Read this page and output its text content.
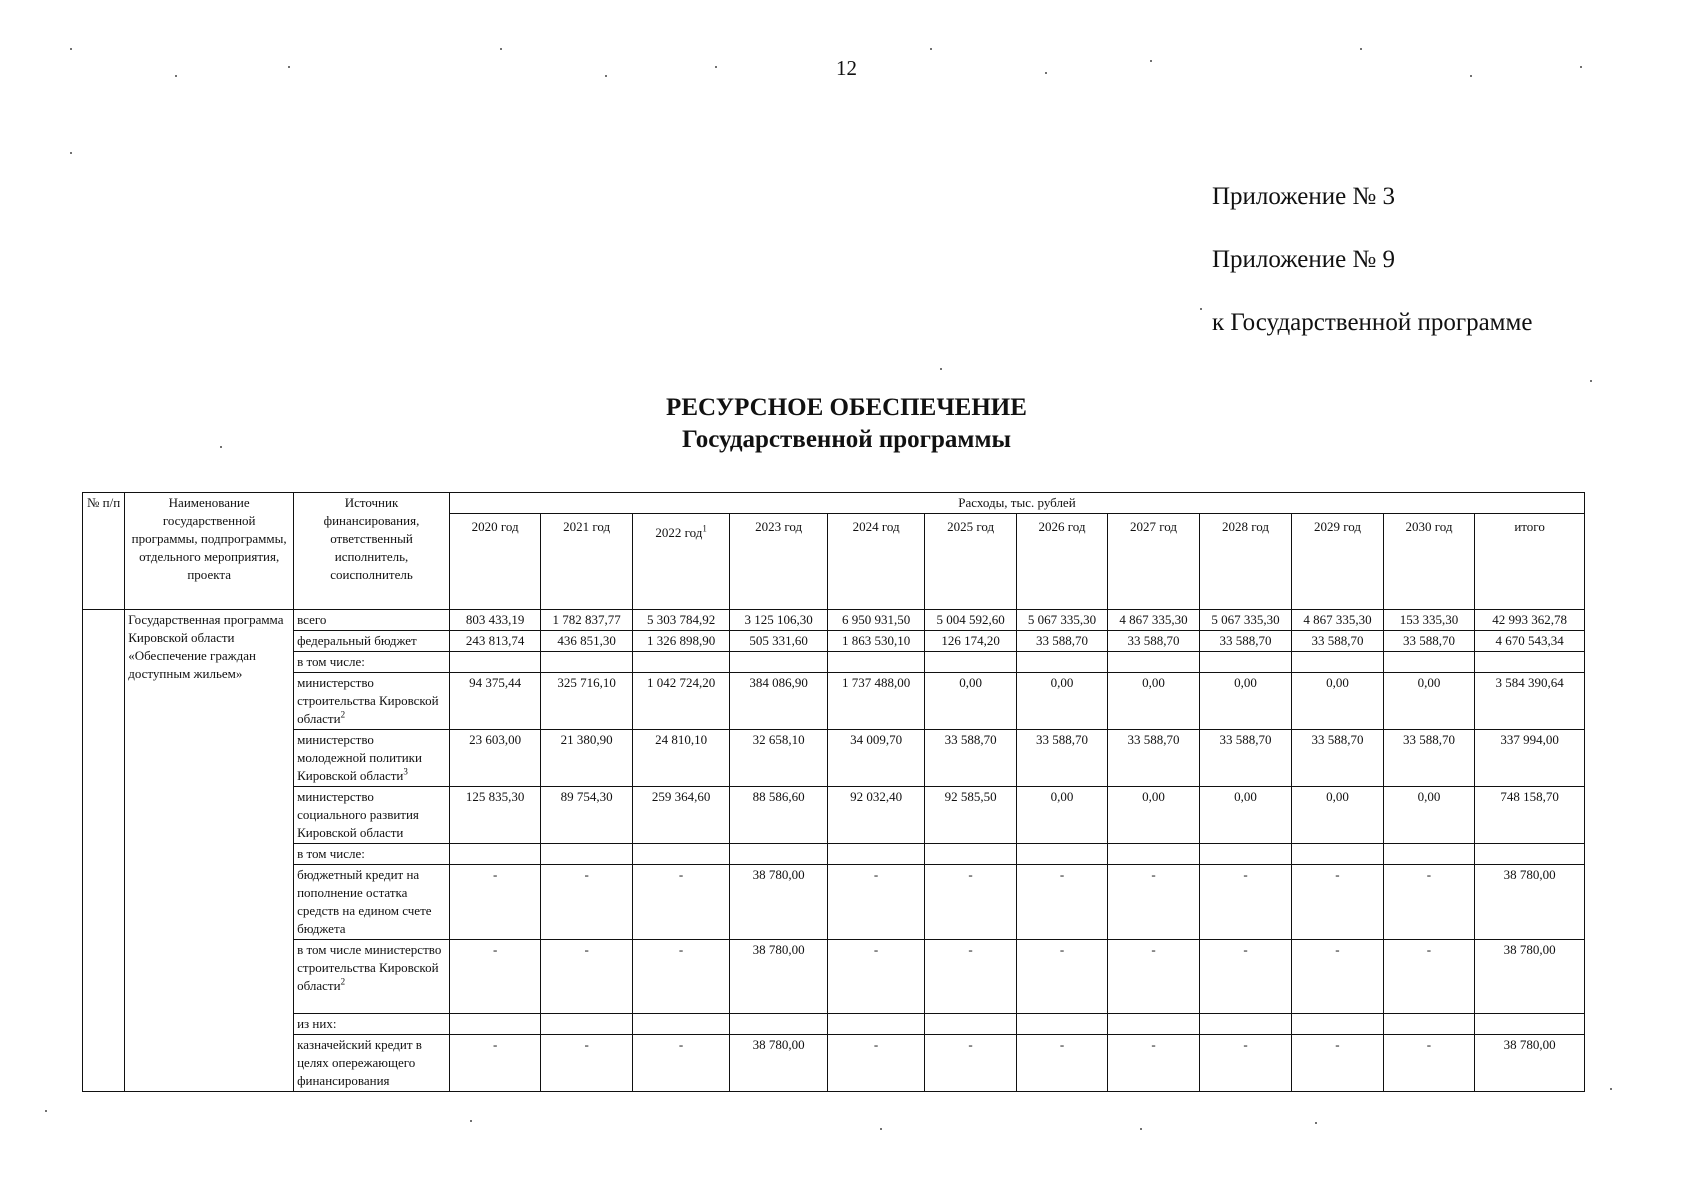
12
Приложение № 3
Приложение № 9
к Государственной программе
РЕСУРСНОЕ ОБЕСПЕЧЕНИЕ
Государственной программы
№ п/п	Наименование государственной программы, подпрограммы, отдельного мероприятия, проекта	Источник финансирования, ответственный исполнитель, соисполнитель	Расходы, тыс. рублей											
			2020 год	2021 год	2022 год$^1$	2023 год	2024 год	2025 год	2026 год	2027 год	2028 год	2029 год	2030 год	итого
	Государственная программа Кировской области «Обеспечение граждан доступным жильем»	всего	803 433,19	1 782 837,77	5 303 784,92	3 125 106,30	6 950 931,50	5 004 592,60	5 067 335,30	4 867 335,30	5 067 335,30	4 867 335,30	153 335,30	42 993 362,78
		федеральный бюджет	243 813,74	436 851,30	1 326 898,90	505 331,60	1 863 530,10	126 174,20	33 588,70	33 588,70	33 588,70	33 588,70	33 588,70	4 670 543,34
		в том числе:												
		министерство строительства Кировской области$^2$	94 375,44	325 716,10	1 042 724,20	384 086,90	1 737 488,00	0,00	0,00	0,00	0,00	0,00	0,00	3 584 390,64
		министерство молодежной политики Кировской области$^3$	23 603,00	21 380,90	24 810,10	32 658,10	34 009,70	33 588,70	33 588,70	33 588,70	33 588,70	33 588,70	33 588,70	337 994,00
		министерство социального развития Кировской области	125 835,30	89 754,30	259 364,60	88 586,60	92 032,40	92 585,50	0,00	0,00	0,00	0,00	0,00	748 158,70
		в том числе:												
		бюджетный кредит на пополнение остатка средств на едином счете бюджета	-	-	-	38 780,00	-	-	-	-	-	-	-	38 780,00
		в том числе министерство строительства Кировской области$^2$	-	-	-	38 780,00	-	-	-	-	-	-	-	38 780,00
		из них:												
		казначейский кредит в целях опережающего финансирования	-	-	-	38 780,00	-	-	-	-	-	-	-	38 780,00
